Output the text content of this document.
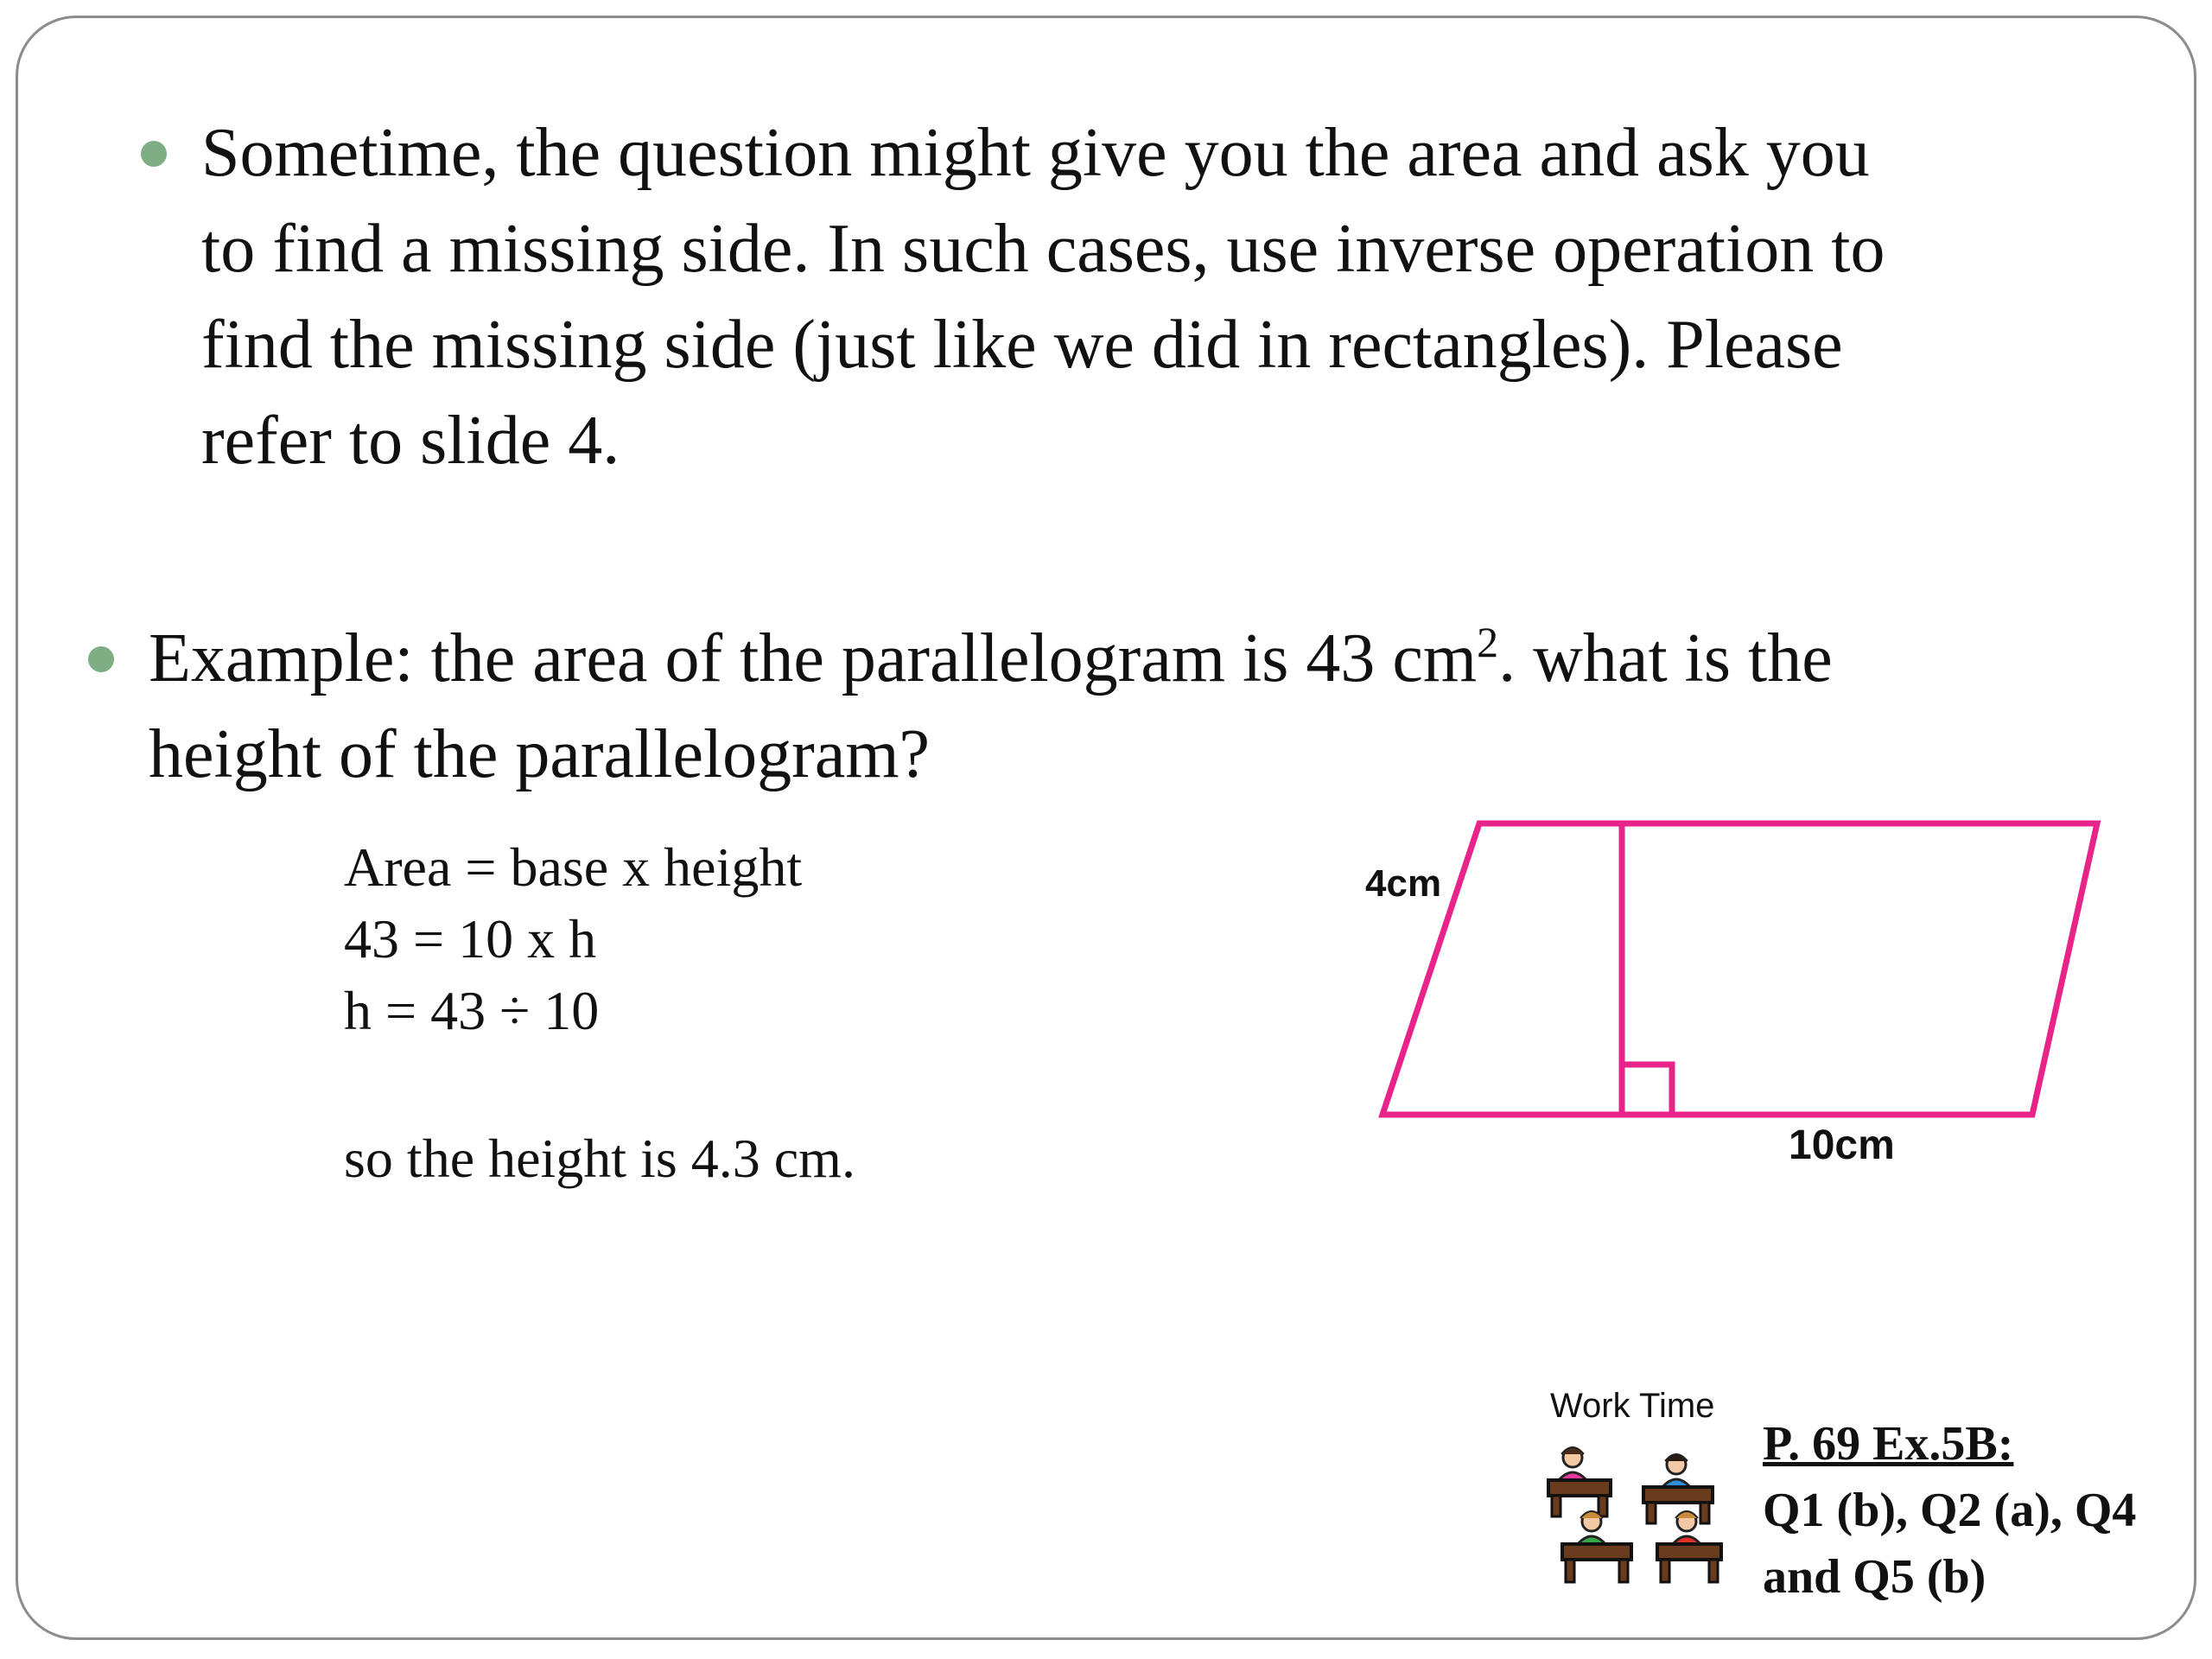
Sometime, the question might give you the area and ask you
to find a missing side. In such cases, use inverse operation to
find the missing side (just like we did in rectangles). Please
refer to slide 4.

Example: the area of the parallelogram is 43 $cm^2$. what is the
height of the parallelogram?

Area = base x height
43 = 10 x h
h = 43 ÷ 10
so the height is 4.3 cm.
4cm
10cm
Work Time
P. 69 Ex.5B:
Q1 (b), Q2 (a), Q4
and Q5 (b)
